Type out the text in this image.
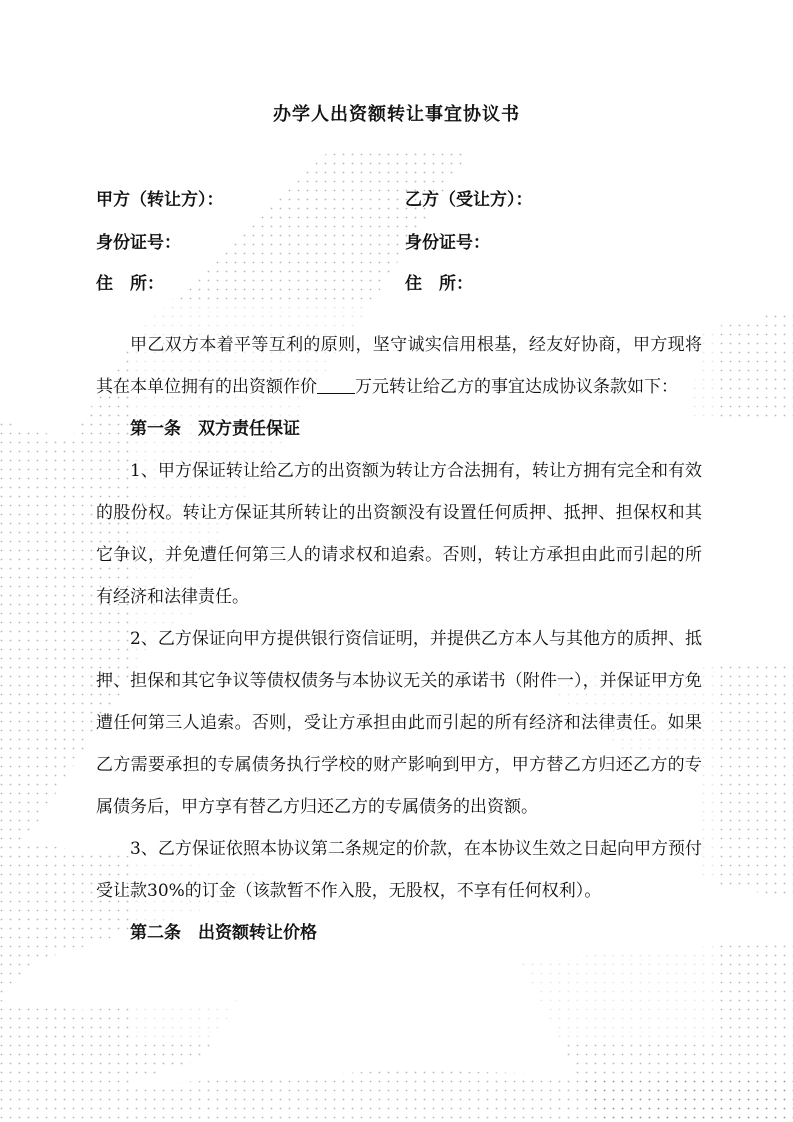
办学人出资额转让事宜协议书
甲方（转让方）：	乙方（受让方）：
身份证号：	身份证号：
住　所：	住　所：

甲乙双方本着平等互利的原则，坚守诚实信用根基，经友好协商，甲方现将其在本单位拥有的出资额作价 万元转让给乙方的事宜达成协议条款如下：

第一条　双方责任保证

1、甲方保证转让给乙方的出资额为转让方合法拥有，转让方拥有完全和有效的股份权。转让方保证其所转让的出资额没有设置任何质押、抵押、担保权和其它争议，并免遭任何第三人的请求权和追索。否则，转让方承担由此而引起的所有经济和法律责任。

2、乙方保证向甲方提供银行资信证明，并提供乙方本人与其他方的质押、抵押、担保和其它争议等债权债务与本协议无关的承诺书（附件一），并保证甲方免遭任何第三人追索。否则，受让方承担由此而引起的所有经济和法律责任。如果乙方需要承担的专属债务执行学校的财产影响到甲方，甲方替乙方归还乙方的专属债务后，甲方享有替乙方归还乙方的专属债务的出资额。

3、乙方保证依照本协议第二条规定的价款，在本协议生效之日起向甲方预付受让款30%的订金（该款暂不作入股，无股权，不享有任何权利）。

第二条　出资额转让价格
